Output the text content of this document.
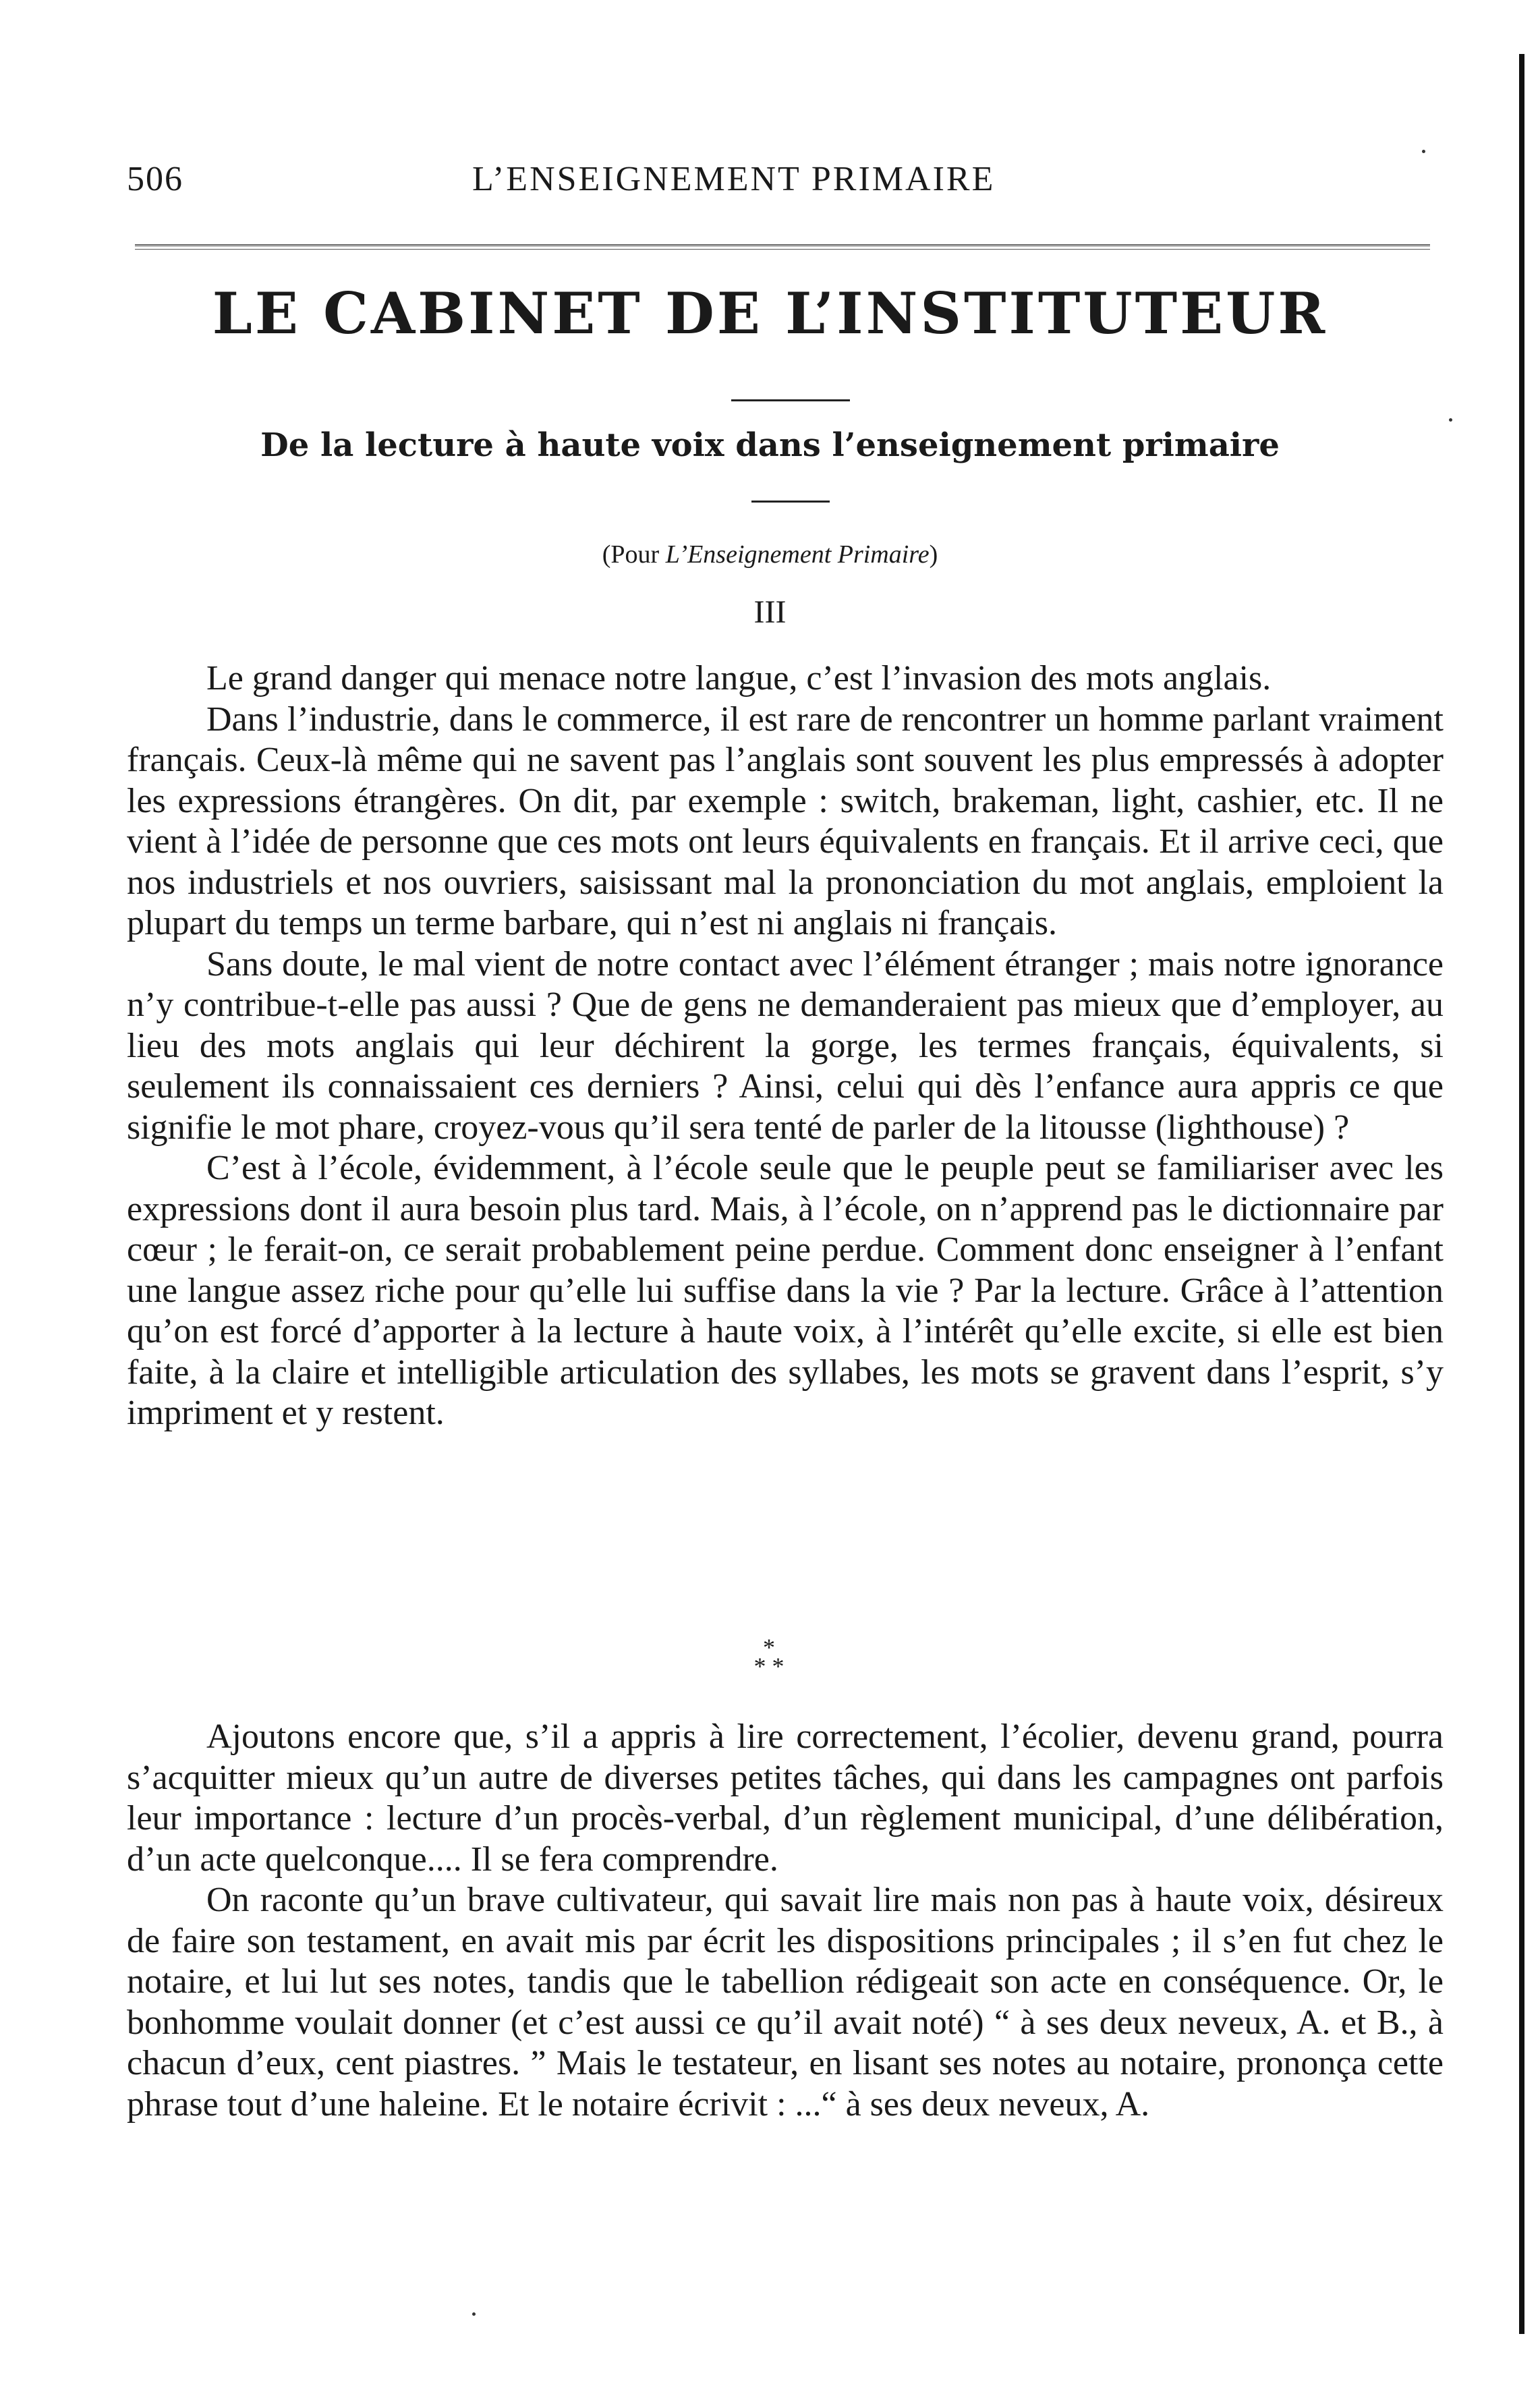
506	L’ENSEIGNEMENT PRIMAIRE
LE CABINET DE L’INSTITUTEUR
De la lecture à haute voix dans l’enseignement primaire
(Pour L’Enseignement Primaire)
III

Le grand danger qui menace notre langue, c’est l’invasion des mots anglais.

Dans l’industrie, dans le commerce, il est rare de rencontrer un homme parlant vraiment français. Ceux-là même qui ne savent pas l’anglais sont souvent les plus empressés à adopter les expressions étrangères. On dit, par exemple : switch, brakeman, light, cashier, etc. Il ne vient à l’idée de personne que ces mots ont leurs équivalents en français. Et il arrive ceci, que nos industriels et nos ouvriers, saisissant mal la prononciation du mot anglais, emploient la plupart du temps un terme barbare, qui n’est ni anglais ni français.

Sans doute, le mal vient de notre contact avec l’élément étranger ; mais notre ignorance n’y contribue-t-elle pas aussi ? Que de gens ne demanderaient pas mieux que d’employer, au lieu des mots anglais qui leur déchirent la gorge, les termes français, équivalents, si seulement ils connaissaient ces derniers ? Ainsi, celui qui dès l’enfance aura appris ce que signifie le mot phare, croyez-vous qu’il sera tenté de parler de la litousse (lighthouse) ?

C’est à l’école, évidemment, à l’école seule que le peuple peut se familiariser avec les expressions dont il aura besoin plus tard. Mais, à l’école, on n’apprend pas le dictionnaire par cœur ; le ferait-on, ce serait probablement peine perdue. Comment donc enseigner à l’enfant une langue assez riche pour qu’elle lui suffise dans la vie ? Par la lecture. Grâce à l’attention qu’on est forcé d’apporter à la lecture à haute voix, à l’intérêt qu’elle excite, si elle est bien faite, à la claire et intelligible articulation des syllabes, les mots se gravent dans l’esprit, s’y impriment et y restent.

*
* *

Ajoutons encore que, s’il a appris à lire correctement, l’écolier, devenu grand, pourra s’acquitter mieux qu’un autre de diverses petites tâches, qui dans les campagnes ont parfois leur importance : lecture d’un procès-verbal, d’un règlement municipal, d’une délibération, d’un acte quelconque.... Il se fera comprendre.

On raconte qu’un brave cultivateur, qui savait lire mais non pas à haute voix, désireux de faire son testament, en avait mis par écrit les dispositions principales ; il s’en fut chez le notaire, et lui lut ses notes, tandis que le tabellion rédigeait son acte en conséquence. Or, le bonhomme voulait donner (et c’est aussi ce qu’il avait noté) “ à ses deux neveux, A. et B., à chacun d’eux, cent piastres. ” Mais le testateur, en lisant ses notes au notaire, prononça cette phrase tout d’une haleine. Et le notaire écrivit : ...“ à ses deux neveux, A.
